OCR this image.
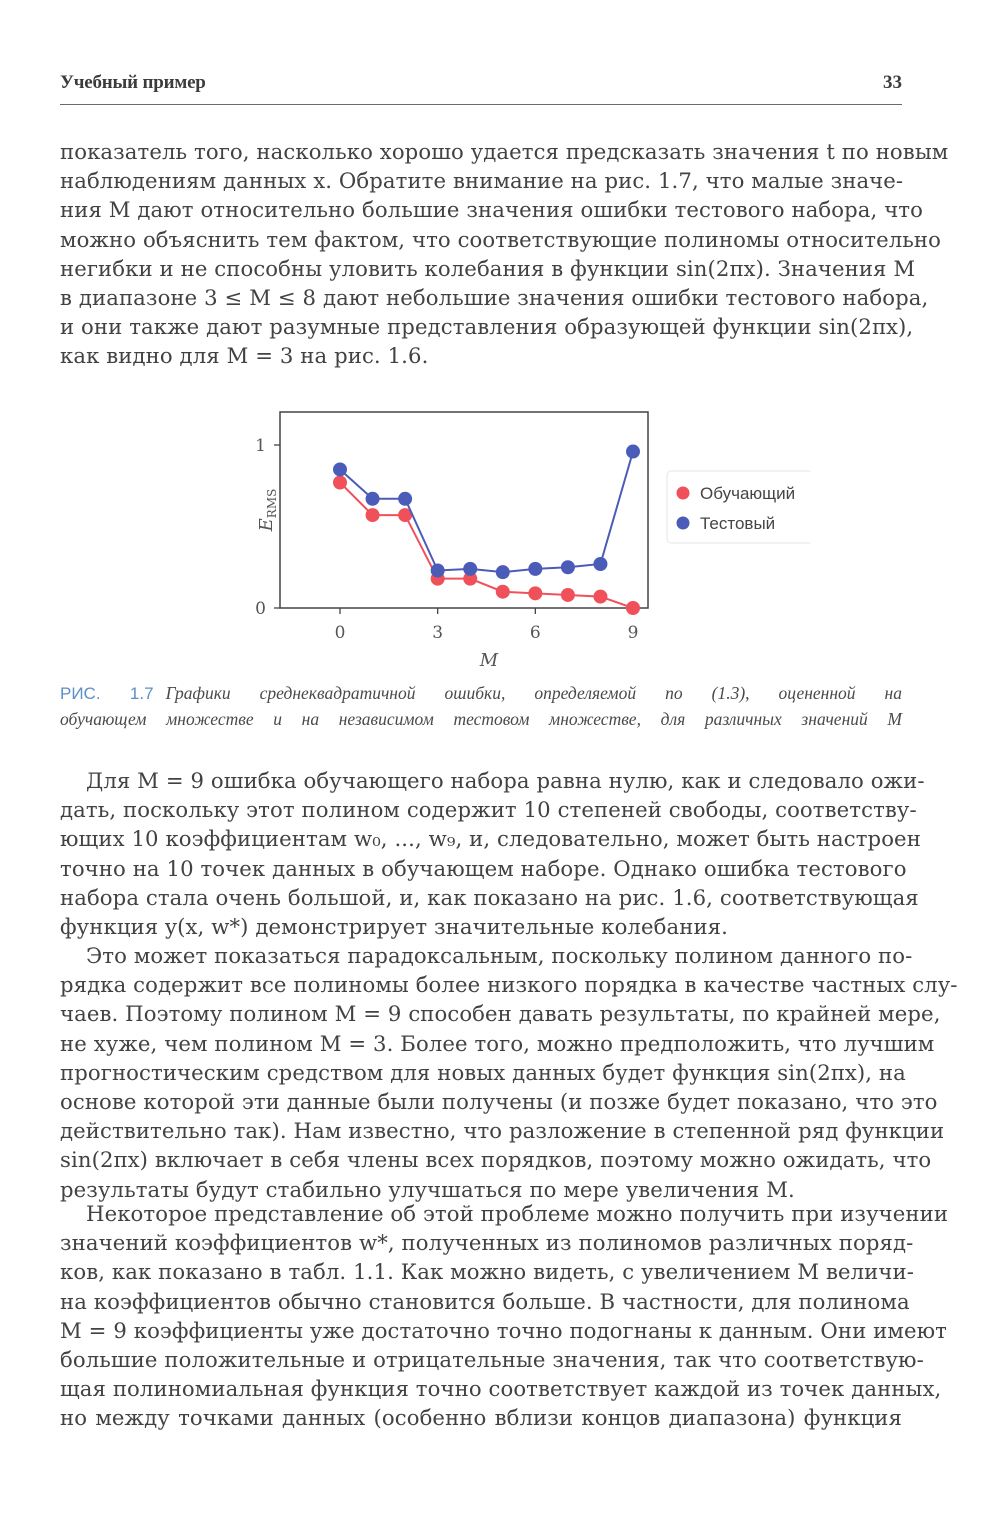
Учебный пример	33
показатель того, насколько хорошо удается предсказать значения t по новым
наблюдениям данных x. Обратите внимание на рис. 1.7, что малые значе-
ния M дают относительно большие значения ошибки тестового набора, что
можно объяснить тем фактом, что соответствующие полиномы относительно
негибки и не способны уловить колебания в функции sin(2πx). Значения M
в диапазоне 3 ≤ M ≤ 8 дают небольшие значения ошибки тестового набора,
и они также дают разумные представления образующей функции sin(2πx),
как видно для M = 3 на рис. 1.6.
0
1
0	3	6	9
$E_{RMS}$
M
Обучающий
Тестовый
РИС. 1.7 Графики среднеквадратичной ошибки, определяемой по (1.3), оцененной на
обучающем множестве и на независимом тестовом множестве, для различных значений M
Для M = 9 ошибка обучающего набора равна нулю, как и следовало ожи-
дать, поскольку этот полином содержит 10 степеней свободы, соответству-
ющих 10 коэффициентам w₀, ..., w₉, и, следовательно, может быть настроен
точно на 10 точек данных в обучающем наборе. Однако ошибка тестового
набора стала очень большой, и, как показано на рис. 1.6, соответствующая
функция y(x, w*) демонстрирует значительные колебания.
Это может показаться парадоксальным, поскольку полином данного по-
рядка содержит все полиномы более низкого порядка в качестве частных слу-
чаев. Поэтому полином M = 9 способен давать результаты, по крайней мере,
не хуже, чем полином M = 3. Более того, можно предположить, что лучшим
прогностическим средством для новых данных будет функция sin(2πx), на
основе которой эти данные были получены (и позже будет показано, что это
действительно так). Нам известно, что разложение в степенной ряд функции
sin(2πx) включает в себя члены всех порядков, поэтому можно ожидать, что
результаты будут стабильно улучшаться по мере увеличения M.
Некоторое представление об этой проблеме можно получить при изучении
значений коэффициентов w*, полученных из полиномов различных поряд-
ков, как показано в табл. 1.1. Как можно видеть, с увеличением M величи-
на коэффициентов обычно становится больше. В частности, для полинома
M = 9 коэффициенты уже достаточно точно подогнаны к данным. Они имеют
большие положительные и отрицательные значения, так что соответствую-
щая полиномиальная функция точно соответствует каждой из точек данных,
но между точками данных (особенно вблизи концов диапазона) функция
